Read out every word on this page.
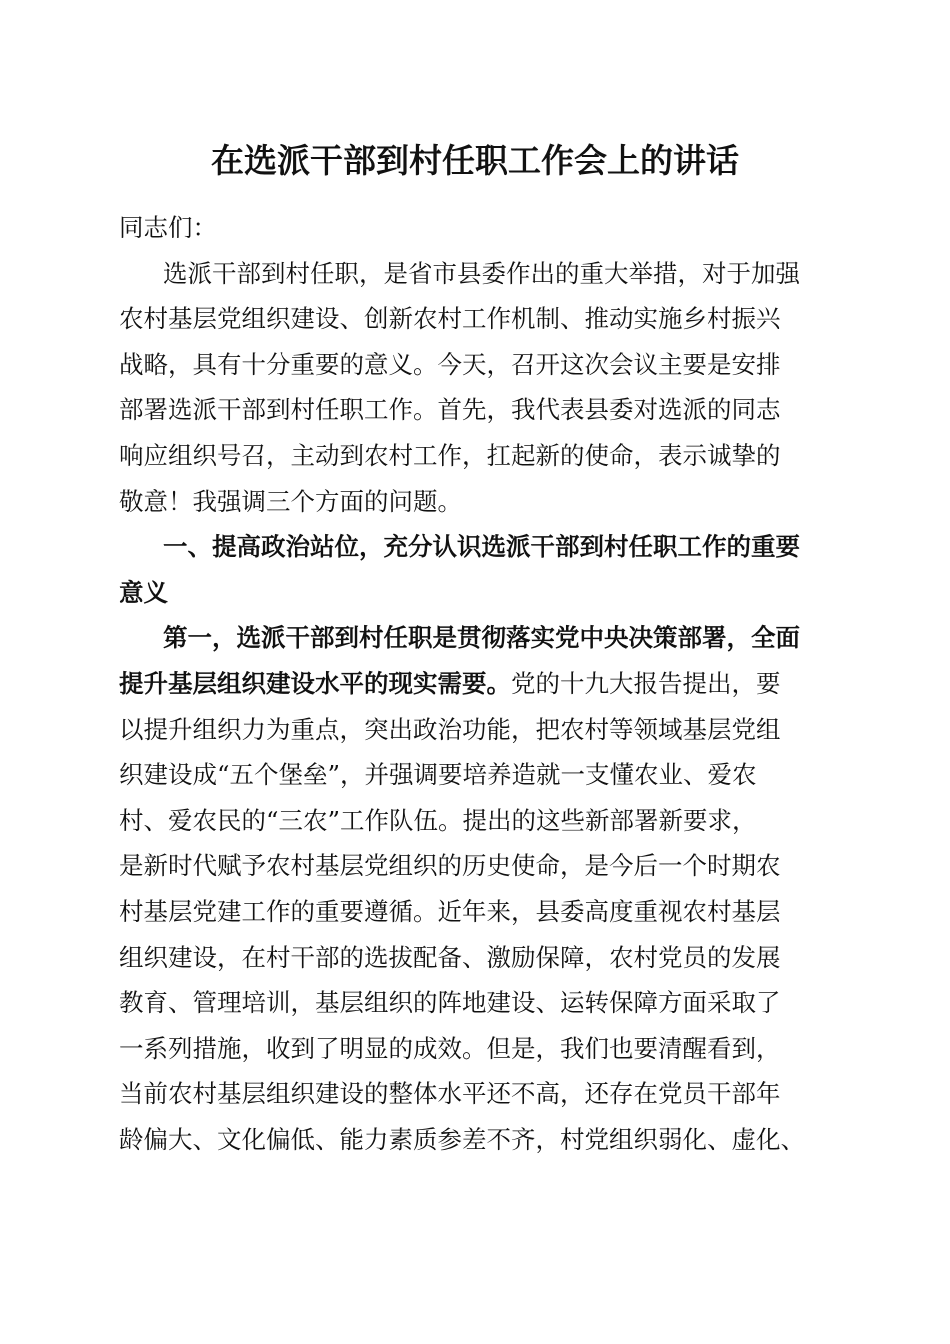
在选派干部到村任职工作会上的讲话
同志们：
选派干部到村任职，是省市县委作出的重大举措，对于加强
农村基层党组织建设、创新农村工作机制、推动实施乡村振兴
战略，具有十分重要的意义。今天，召开这次会议主要是安排
部署选派干部到村任职工作。首先，我代表县委对选派的同志
响应组织号召，主动到农村工作，扛起新的使命，表示诚挚的
敬意！我强调三个方面的问题。
一、提高政治站位，充分认识选派干部到村任职工作的重要
意义
第一，选派干部到村任职是贯彻落实党中央决策部署，全面
提升基层组织建设水平的现实需要。党的十九大报告提出，要
以提升组织力为重点，突出政治功能，把农村等领域基层党组
织建设成“五个堡垒”，并强调要培养造就一支懂农业、爱农
村、爱农民的“三农”工作队伍。提出的这些新部署新要求，
是新时代赋予农村基层党组织的历史使命，是今后一个时期农
村基层党建工作的重要遵循。近年来，县委高度重视农村基层
组织建设，在村干部的选拔配备、激励保障，农村党员的发展
教育、管理培训，基层组织的阵地建设、运转保障方面采取了
一系列措施，收到了明显的成效。但是，我们也要清醒看到，
当前农村基层组织建设的整体水平还不高，还存在党员干部年
龄偏大、文化偏低、能力素质参差不齐，村党组织弱化、虚化、
